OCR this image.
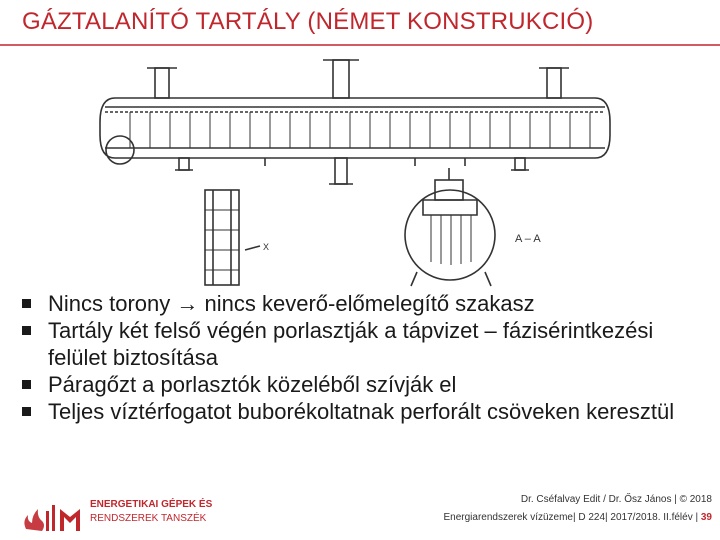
GÁZTALANÍTÓ TARTÁLY (NÉMET KONSTRUKCIÓ)
A – A
X
Nincs torony → nincs keverő-előmelegítő szakasz
Tartály két felső végén porlasztják a tápvizet – fázisérintkezési felület biztosítása
Páragőzt a porlasztók közeléből szívják el
Teljes víztérfogatot buborékoltatnak perforált csöveken keresztül
ENERGETIKAI GÉPEK ÉS
RENDSZEREK TANSZÉK
Dr. Cséfalvay Edit / Dr. Ősz János | © 2018
Energiarendszerek vízüzeme| D 224| 2017/2018. II.félév | 39
